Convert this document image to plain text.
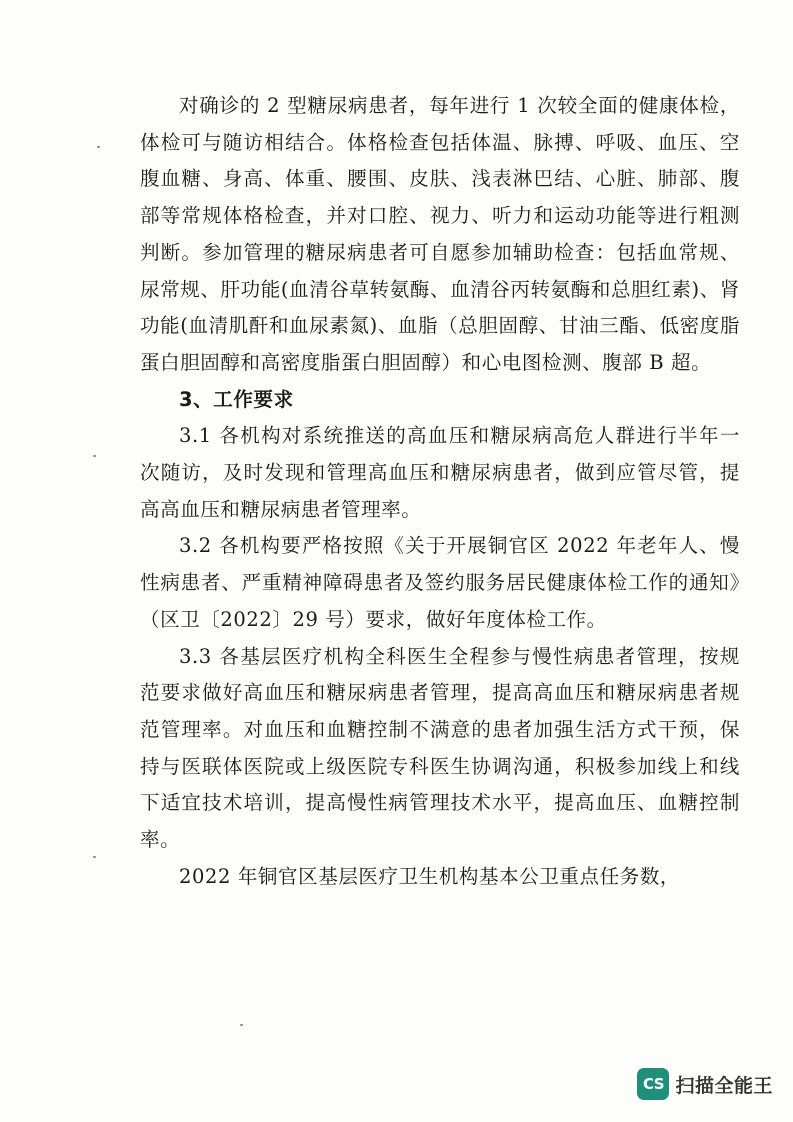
对确诊的 2 型糖尿病患者，每年进行 1 次较全面的健康体检，体检可与随访相结合。体格检查包括体温、脉搏、呼吸、血压、空腹血糖、身高、体重、腰围、皮肤、浅表淋巴结、心脏、肺部、腹部等常规体格检查，并对口腔、视力、听力和运动功能等进行粗测判断。参加管理的糖尿病患者可自愿参加辅助检查：包括血常规、尿常规、肝功能(血清谷草转氨酶、血清谷丙转氨酶和总胆红素)、肾功能(血清肌酐和血尿素氮)、血脂（总胆固醇、甘油三酯、低密度脂蛋白胆固醇和高密度脂蛋白胆固醇）和心电图检测、腹部 B 超。

3、工作要求

3.1 各机构对系统推送的高血压和糖尿病高危人群进行半年一次随访，及时发现和管理高血压和糖尿病患者，做到应管尽管，提高高血压和糖尿病患者管理率。

3.2 各机构要严格按照《关于开展铜官区 2022 年老年人、慢性病患者、严重精神障碍患者及签约服务居民健康体检工作的通知》（区卫〔2022〕29 号）要求，做好年度体检工作。

3.3 各基层医疗机构全科医生全程参与慢性病患者管理，按规范要求做好高血压和糖尿病患者管理，提高高血压和糖尿病患者规范管理率。对血压和血糖控制不满意的患者加强生活方式干预，保持与医联体医院或上级医院专科医生协调沟通，积极参加线上和线下适宜技术培训，提高慢性病管理技术水平，提高血压、血糖控制率。

2022 年铜官区基层医疗卫生机构基本公卫重点任务数，

CS 扫描全能王
